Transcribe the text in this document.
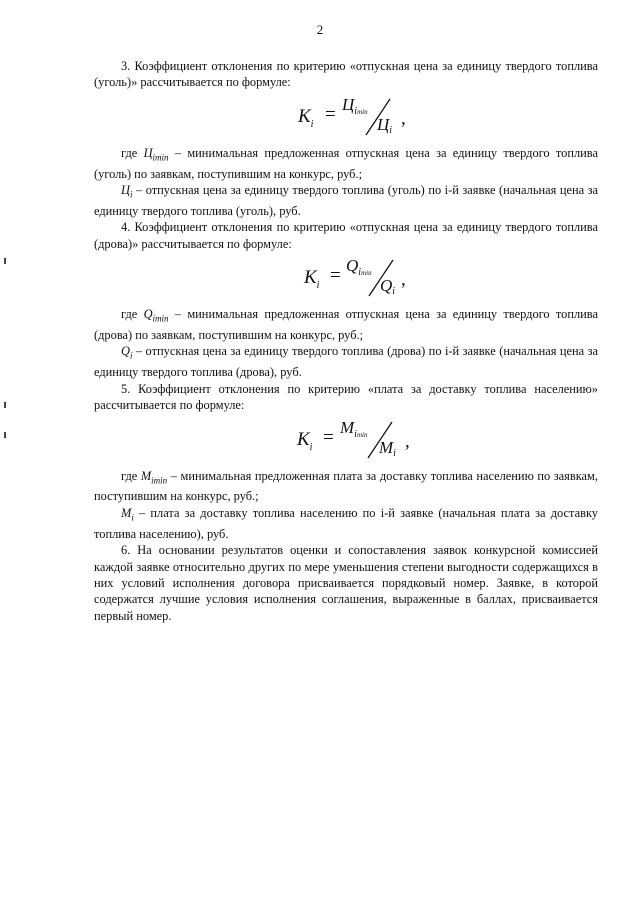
2

3. Коэффициент отклонения по критерию «отпускная цена за единицу твердого топлива (уголь)» рассчитывается по формуле:

$К_i = Ц_{imin}$
$Ц_i$
,

где $Ц_{imin}$ – минимальная предложенная отпускная цена за единицу твердого топлива (уголь) по заявкам, поступившим на конкурс, руб.;

$Ц_i$ – отпускная цена за единицу твердого топлива (уголь) по i-й заявке (начальная цена за единицу твердого топлива (уголь), руб.

4. Коэффициент отклонения по критерию «отпускная цена за единицу твердого топлива (дрова)» рассчитывается по формуле:

$К_i = Q_{imin}$
$Q_i$
,

где $Q_{imin}$ – минимальная предложенная отпускная цена за единицу твердого топлива (дрова) по заявкам, поступившим на конкурс, руб.;

$Q_i$ – отпускная цена за единицу твердого топлива (дрова) по i-й заявке (начальная цена за единицу твердого топлива (дрова), руб.

5. Коэффициент отклонения по критерию «плата за доставку топлива населению» рассчитывается по формуле:

$К_i = M_{imin}$
$M_i$
,

где $M_{imin}$ – минимальная предложенная плата за доставку топлива населению по заявкам, поступившим на конкурс, руб.;

$M_i$ – плата за доставку топлива населению по i-й заявке (начальная плата за доставку топлива населению), руб.

6. На основании результатов оценки и сопоставления заявок конкурсной комиссией каждой заявке относительно других по мере уменьшения степени выгодности содержащихся в них условий исполнения договора присваивается порядковый номер. Заявке, в которой содержатся лучшие условия исполнения соглашения, выраженные в баллах, присваивается первый номер.
